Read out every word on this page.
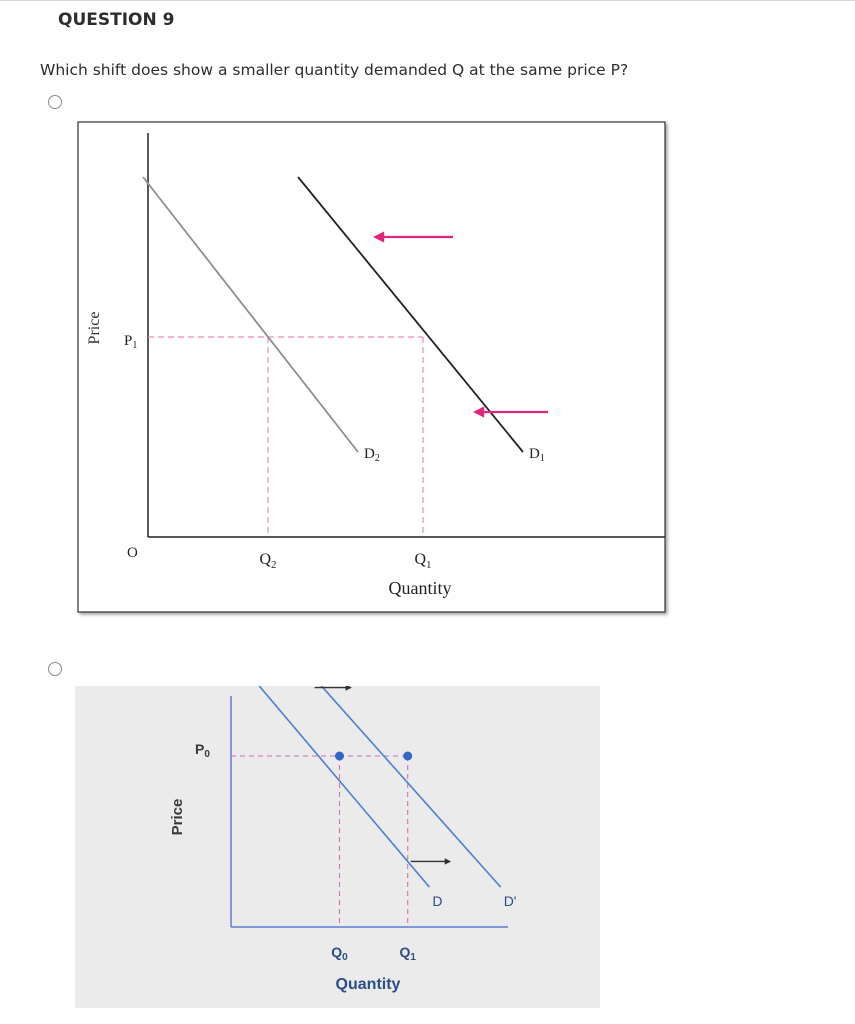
QUESTION 9
Which shift does show a smaller quantity demanded Q at the same price P?
Price
Quantity
O	$Q_2$	$Q_1$
$D_2$	$D_1$
$P_1$
Price
Quantity
$Q_0$	$Q_1$
D	D'
$P_0$
